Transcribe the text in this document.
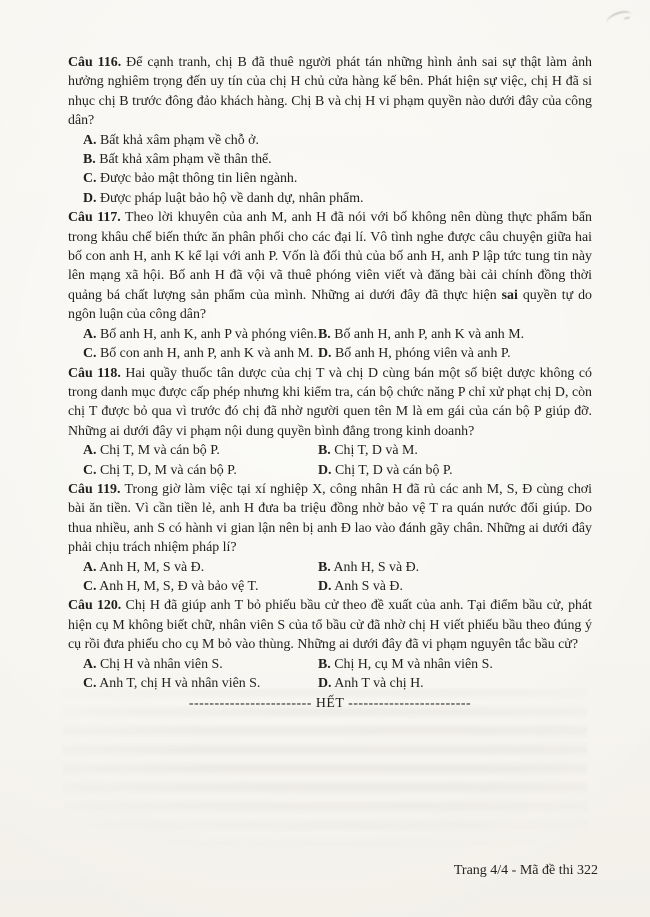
Câu 116. Để cạnh tranh, chị B đã thuê người phát tán những hình ảnh sai sự thật làm ảnh hưởng nghiêm trọng đến uy tín của chị H chủ cửa hàng kế bên. Phát hiện sự việc, chị H đã si nhục chị B trước đông đảo khách hàng. Chị B và chị H vi phạm quyền nào dưới đây của công dân?

A. Bất khả xâm phạm về chỗ ở.
B. Bất khả xâm phạm về thân thể.
C. Được bảo mật thông tin liên ngành.
D. Được pháp luật bảo hộ về danh dự, nhân phẩm.

Câu 117. Theo lời khuyên của anh M, anh H đã nói với bố không nên dùng thực phẩm bẩn trong khâu chế biến thức ăn phân phối cho các đại lí. Vô tình nghe được câu chuyện giữa hai bố con anh H, anh K kể lại với anh P. Vốn là đối thủ của bố anh H, anh P lập tức tung tin này lên mạng xã hội. Bố anh H đã vội vã thuê phóng viên viết và đăng bài cải chính đồng thời quảng bá chất lượng sản phẩm của mình. Những ai dưới đây đã thực hiện sai quyền tự do ngôn luận của công dân?

A. Bố anh H, anh K, anh P và phóng viên. B. Bố anh H, anh P, anh K và anh M.
C. Bố con anh H, anh P, anh K và anh M. D. Bố anh H, phóng viên và anh P.

Câu 118. Hai quầy thuốc tân dược của chị T và chị D cùng bán một số biệt dược không có trong danh mục được cấp phép nhưng khi kiểm tra, cán bộ chức năng P chỉ xử phạt chị D, còn chị T được bỏ qua vì trước đó chị đã nhờ người quen tên M là em gái của cán bộ P giúp đỡ. Những ai dưới đây vi phạm nội dung quyền bình đẳng trong kinh doanh?

A. Chị T, M và cán bộ P.	B. Chị T, D và M.
C. Chị T, D, M và cán bộ P.	D. Chị T, D và cán bộ P.

Câu 119. Trong giờ làm việc tại xí nghiệp X, công nhân H đã rủ các anh M, S, Đ cùng chơi bài ăn tiền. Vì cần tiền lẻ, anh H đưa ba triệu đồng nhờ bảo vệ T ra quán nước đổi giúp. Do thua nhiều, anh S có hành vi gian lận nên bị anh Đ lao vào đánh gãy chân. Những ai dưới đây phải chịu trách nhiệm pháp lí?

A. Anh H, M, S và Đ.	B. Anh H, S và Đ.
C. Anh H, M, S, Đ và bảo vệ T.	D. Anh S và Đ.

Câu 120. Chị H đã giúp anh T bỏ phiếu bầu cử theo đề xuất của anh. Tại điểm bầu cử, phát hiện cụ M không biết chữ, nhân viên S của tổ bầu cử đã nhờ chị H viết phiếu bầu theo đúng ý cụ rồi đưa phiếu cho cụ M bỏ vào thùng. Những ai dưới đây đã vi phạm nguyên tắc bầu cử?

A. Chị H và nhân viên S.	B. Chị H, cụ M và nhân viên S.
C. Anh T, chị H và nhân viên S.	D. Anh T và chị H.
------------------------ HẾT ------------------------
Trang 4/4 - Mã đề thi 322
